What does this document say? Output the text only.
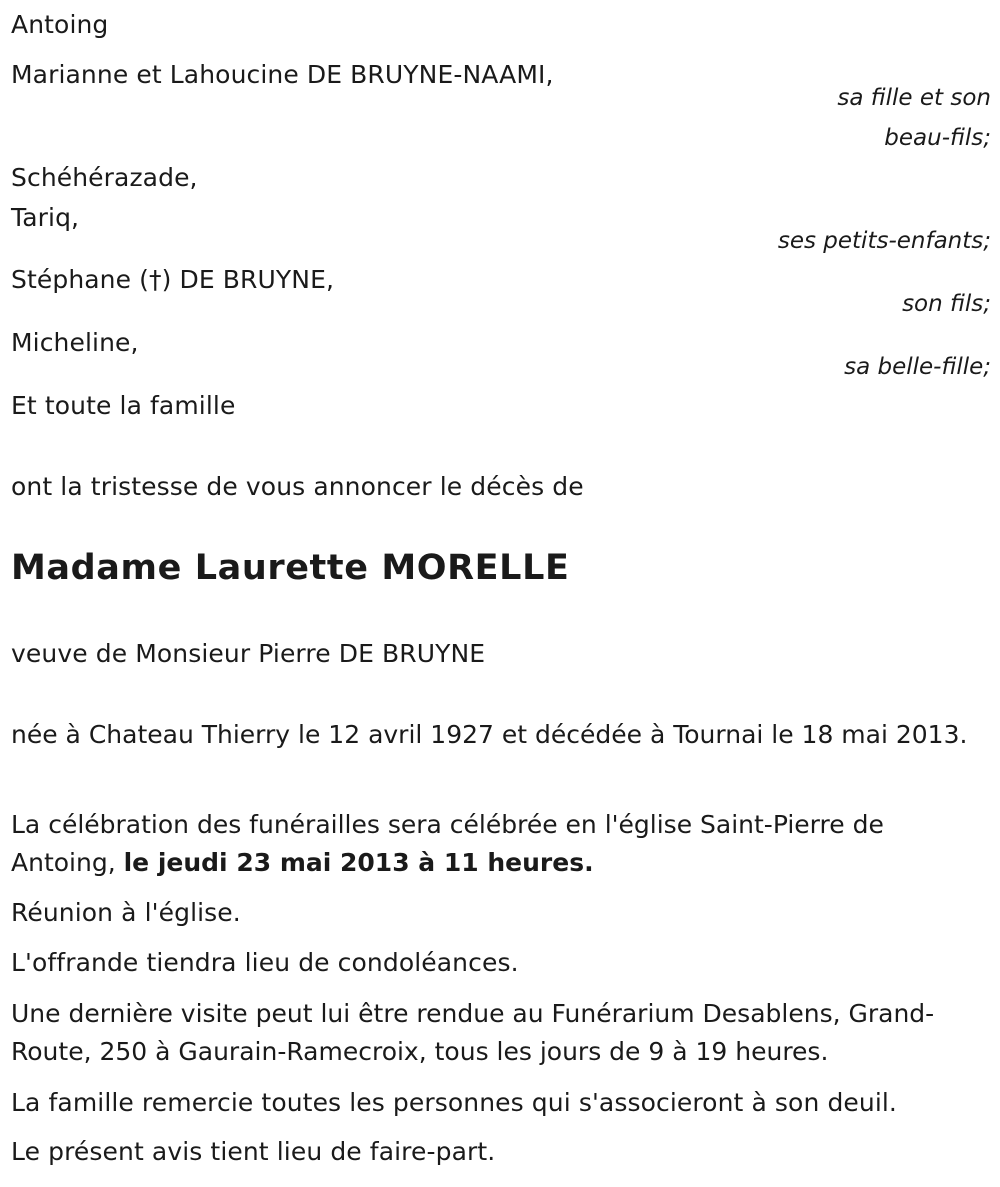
Antoing
Marianne et Lahoucine DE BRUYNE-NAAMI,
sa fille et son
beau-fils;
Schéhérazade,
Tariq,
ses petits-enfants;
Stéphane (†) DE BRUYNE,
son fils;
Micheline,
sa belle-fille;
Et toute la famille
ont la tristesse de vous annoncer le décès de
Madame Laurette MORELLE
veuve de Monsieur Pierre DE BRUYNE
née à Chateau Thierry le 12 avril 1927 et décédée à Tournai le 18 mai 2013.
La célébration des funérailles sera célébrée en l'église Saint-Pierre de Antoing, le jeudi 23 mai 2013 à 11 heures.
Réunion à l'église.
L'offrande tiendra lieu de condoléances.
Une dernière visite peut lui être rendue au Funérarium Desablens, Grand-Route, 250 à Gaurain-Ramecroix, tous les jours de 9 à 19 heures.
La famille remercie toutes les personnes qui s'associeront à son deuil.
Le présent avis tient lieu de faire-part.
